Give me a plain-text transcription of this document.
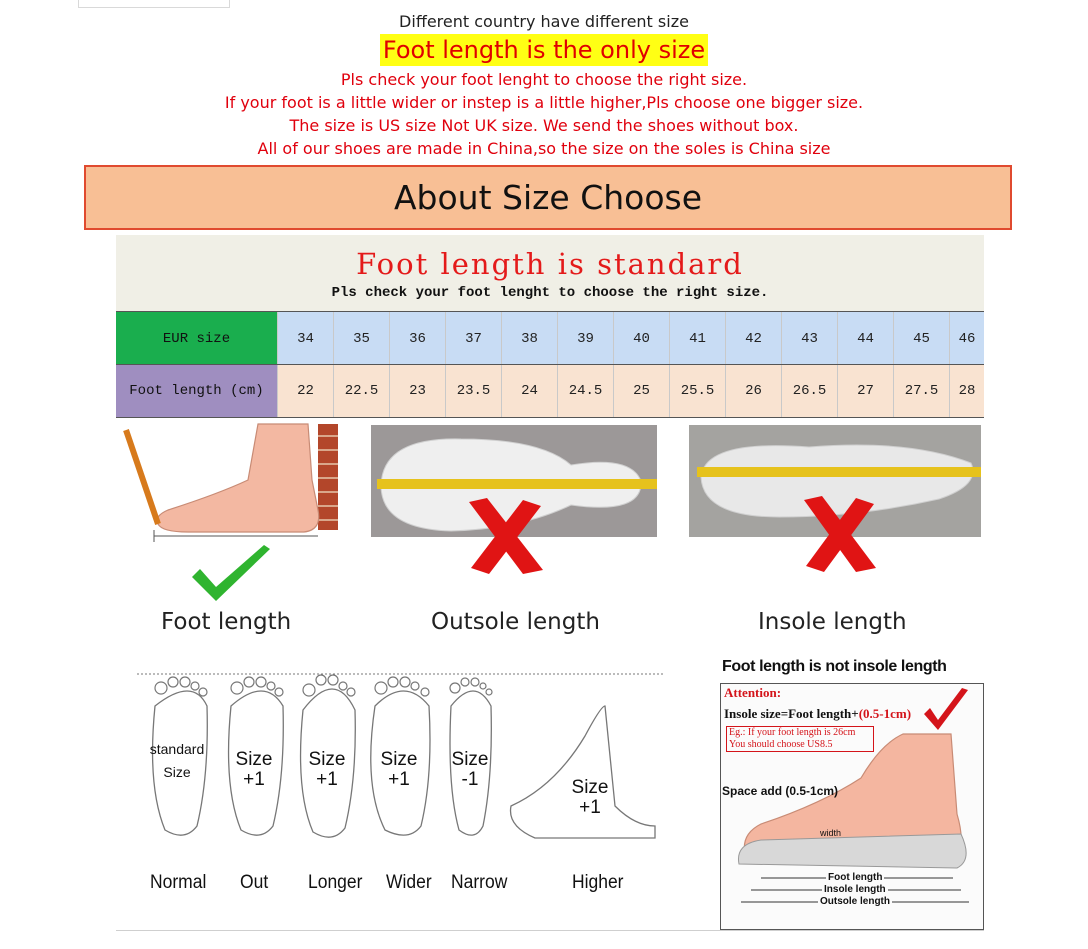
Different country have different size
Foot length is the only size
Pls check your foot lenght to choose the right size.
If your foot is a little wider or instep is a little higher,Pls choose one bigger size.
The size is US size Not UK size. We send the shoes without box.
All of our shoes are made in China,so the size on the soles is China size
About Size Choose
Foot length is standard
Pls check your foot lenght to choose the right size.
EUR size	34	35	36	37	38	39	40	41	42	43	44	45	46
Foot length (cm)	22	22.5	23	23.5	24	24.5	25	25.5	26	26.5	27	27.5	28
Foot length	Outsole length	Insole length
standard
Size
Size
+1
Size
+1
Size
+1
Size
-1	Size
+1
Normal Out Longer Wider Narrow	Higher
Foot length is not insole length
Attention:
Insole size=Foot length+(0.5-1cm)
Eg.: If your foot length is 26cm
You should choose US8.5
Space add (0.5-1cm)
width
Foot length
Insole length
Outsole length
